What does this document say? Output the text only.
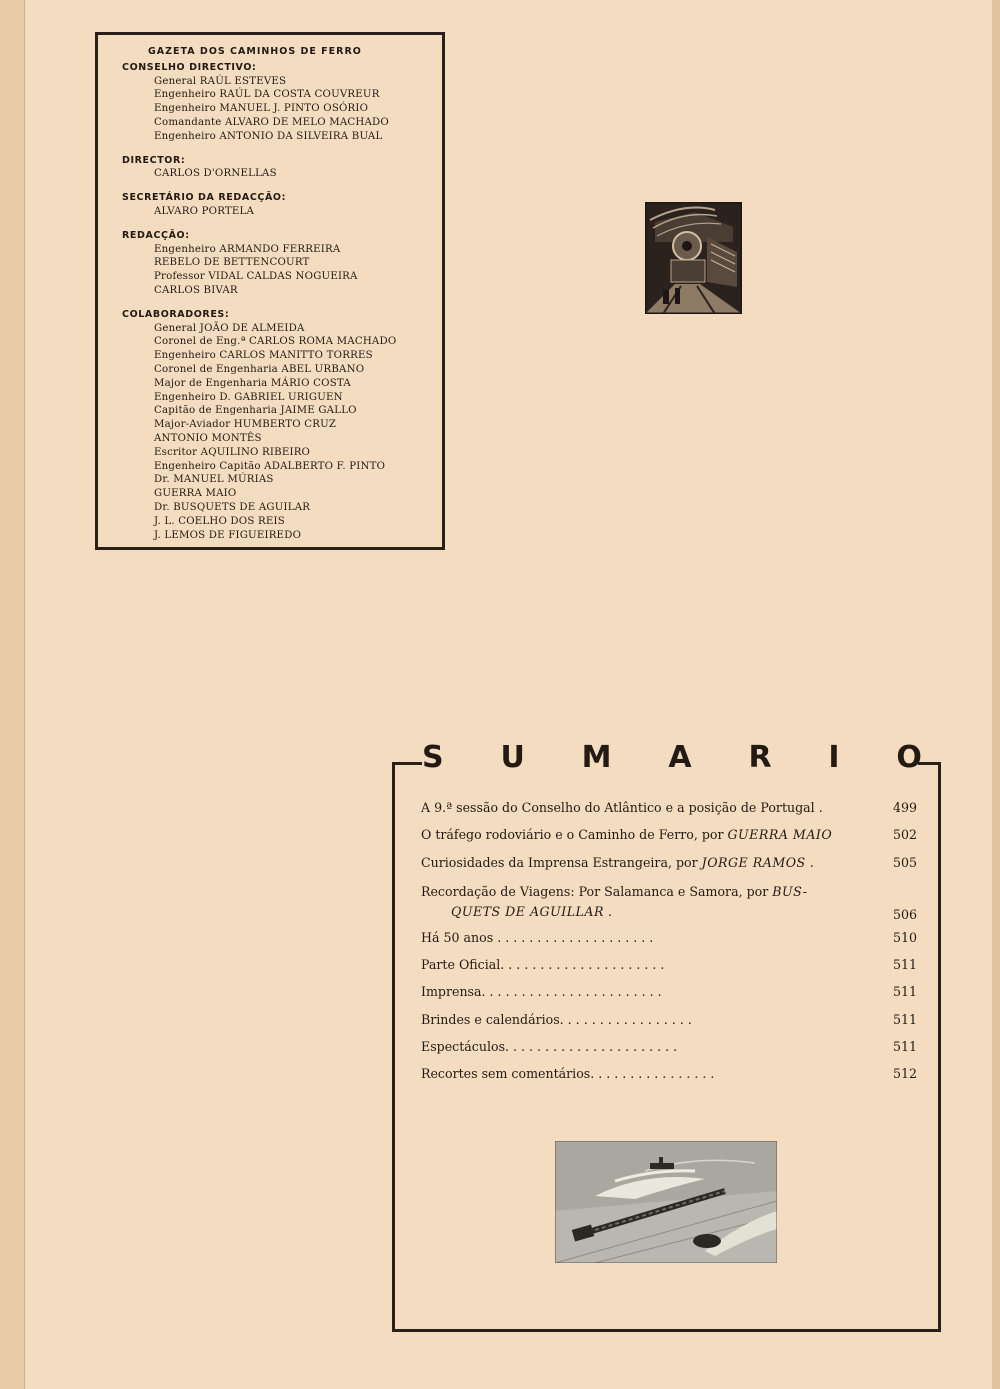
GAZETA DOS CAMINHOS DE FERRO
CONSELHO DIRECTIVO:
General RAÚL ESTEVES
Engenheiro RAÚL DA COSTA COUVREUR
Engenheiro MANUEL J. PINTO OSÓRIO
Comandante ALVARO DE MELO MACHADO
Engenheiro ANTONIO DA SILVEIRA BUAL
DIRECTOR:
CARLOS D'ORNELLAS
SECRETÁRIO DA REDACÇÃO:
ALVARO PORTELA
REDACÇÃO:
Engenheiro ARMANDO FERREIRA
REBELO DE BETTENCOURT
Professor VIDAL CALDAS NOGUEIRA
CARLOS BIVAR
COLABORADORES:
General JOÃO DE ALMEIDA
Coronel de Eng.ª CARLOS ROMA MACHADO
Engenheiro CARLOS MANITTO TORRES
Coronel de Engenharia ABEL URBANO
Major de Engenharia MÁRIO COSTA
Engenheiro D. GABRIEL URIGUEN
Capitão de Engenharia JAIME GALLO
Major-Aviador HUMBERTO CRUZ
ANTONIO MONTÊS
Escritor AQUILINO RIBEIRO
Engenheiro Capitão ADALBERTO F. PINTO
Dr. MANUEL MÚRIAS
GUERRA MAIO
Dr. BUSQUETS DE AGUILAR
J. L. COELHO DOS REIS
J. LEMOS DE FIGUEIREDO
S U M A R I O
A 9.ª sessão do Conselho do Atlântico e a posição de Portugal .	499
O tráfego rodoviário e o Caminho de Ferro, por GUERRA MAIO	502
Curiosidades da Imprensa Estrangeira, por JORGE RAMOS .	505
Recordação de Viagens: Por Salamanca e Samora, por BUS-
QUETS DE AGUILLAR .	506
Há 50 anos . . . . . . . . . . . . . . . . . . . .	510
Parte Oficial. . . . . . . . . . . . . . . . . . . . .	511
Imprensa. . . . . . . . . . . . . . . . . . . . . . .	511
Brindes e calendários. . . . . . . . . . . . . . . . .	511
Espectáculos. . . . . . . . . . . . . . . . . . . . . .	511
Recortes sem comentários. . . . . . . . . . . . . . . .	512
